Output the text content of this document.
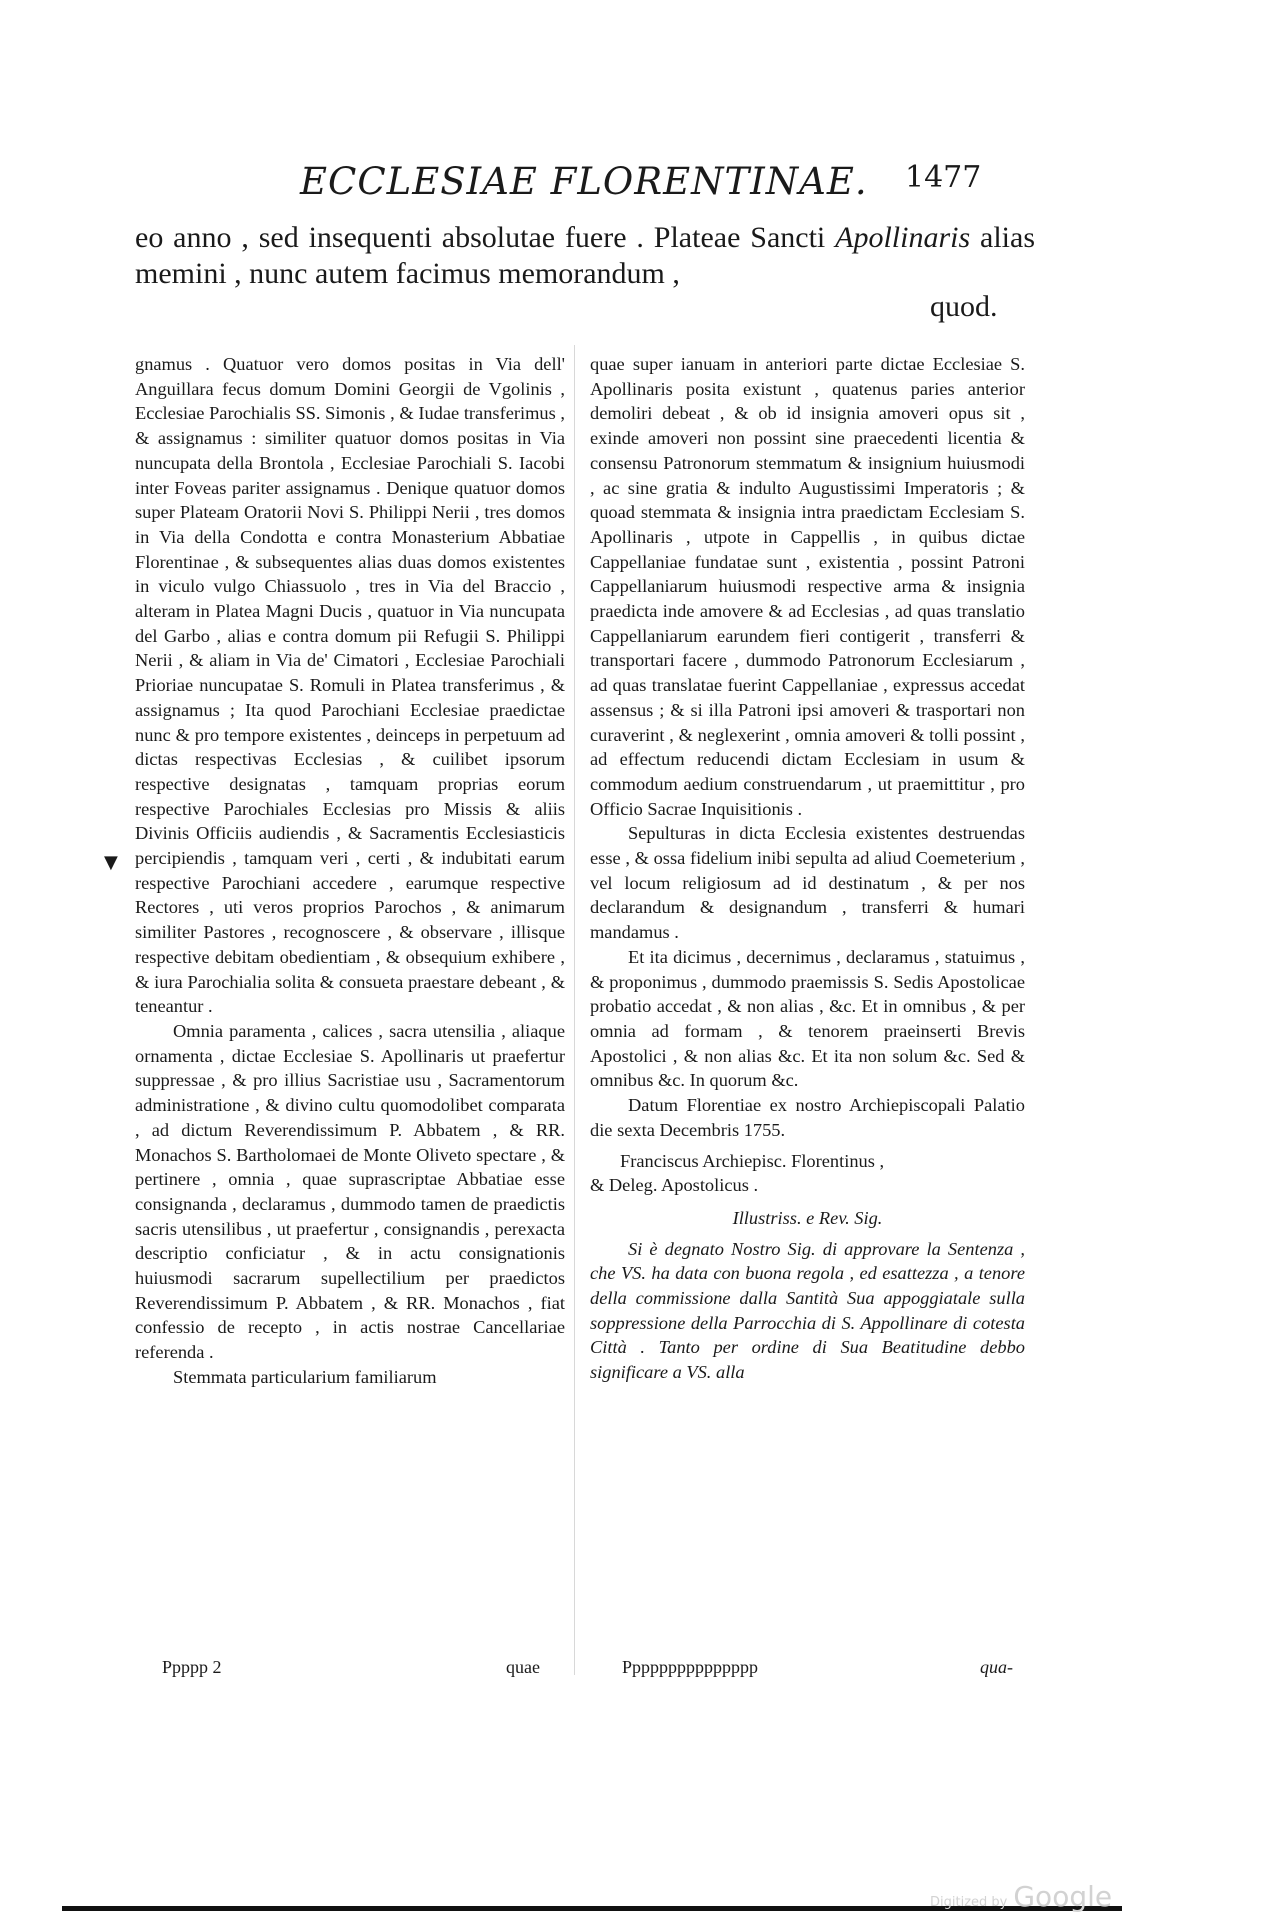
ECCLESIAE FLORENTINAE.	1477
eo anno , sed insequenti absolutae fuere . Plateae Sancti Apollinaris alias memini , nunc autem facimus memorandum ,
quod.
▼

gnamus . Quatuor vero domos positas in Via dell' Anguillara fecus domum Domini Georgii de Vgolinis , Ecclesiae Parochialis SS. Simonis , & Iudae transferimus , & assignamus : similiter quatuor domos positas in Via nuncupata della Brontola , Ecclesiae Parochiali S. Iacobi inter Foveas pariter assignamus . Denique quatuor domos super Plateam Oratorii Novi S. Philippi Nerii , tres domos in Via della Condotta e contra Monasterium Abbatiae Florentinae , & subsequentes alias duas domos existentes in viculo vulgo Chiassuolo , tres in Via del Braccio , alteram in Platea Magni Ducis , quatuor in Via nuncupata del Garbo , alias e contra domum pii Refugii S. Philippi Nerii , & aliam in Via de' Cimatori , Ecclesiae Parochiali Prioriae nuncupatae S. Romuli in Platea transferimus , & assignamus ; Ita quod Parochiani Ecclesiae praedictae nunc & pro tempore existentes , deinceps in perpetuum ad dictas respectivas Ecclesias , & cuilibet ipsorum respective designatas , tamquam proprias eorum respective Parochiales Ecclesias pro Missis & aliis Divinis Officiis audiendis , & Sacramentis Ecclesiasticis percipiendis , tamquam veri , certi , & indubitati earum respective Parochiani accedere , earumque respective Rectores , uti veros proprios Parochos , & animarum similiter Pastores , recognoscere , & observare , illisque respective debitam obedientiam , & obsequium exhibere , & iura Parochialia solita & consueta praestare debeant , & teneantur .

Omnia paramenta , calices , sacra utensilia , aliaque ornamenta , dictae Ecclesiae S. Apollinaris ut praefertur suppressae , & pro illius Sacristiae usu , Sacramentorum administratione , & divino cultu quomodolibet comparata , ad dictum Reverendissimum P. Abbatem , & RR. Monachos S. Bartholomaei de Monte Oliveto spectare , & pertinere , omnia , quae suprascriptae Abbatiae esse consignanda , declaramus , dummodo tamen de praedictis sacris utensilibus , ut praefertur , consignandis , perexacta descriptio conficiatur , & in actu consignationis huiusmodi sacrarum supellectilium per praedictos Reverendissimum P. Abbatem , & RR. Monachos , fiat confessio de recepto , in actis nostrae Cancellariae referenda .

Stemmata particularium familiarum

quae super ianuam in anteriori parte dictae Ecclesiae S. Apollinaris posita existunt , quatenus paries anterior demoliri debeat , & ob id insignia amoveri opus sit , exinde amoveri non possint sine praecedenti licentia & consensu Patronorum stemmatum & insignium huiusmodi , ac sine gratia & indulto Augustissimi Imperatoris ; & quoad stemmata & insignia intra praedictam Ecclesiam S. Apollinaris , utpote in Cappellis , in quibus dictae Cappellaniae fundatae sunt , existentia , possint Patroni Cappellaniarum huiusmodi respective arma & insignia praedicta inde amovere & ad Ecclesias , ad quas translatio Cappellaniarum earundem fieri contigerit , transferri & transportari facere , dummodo Patronorum Ecclesiarum , ad quas translatae fuerint Cappellaniae , expressus accedat assensus ; & si illa Patroni ipsi amoveri & trasportari non curaverint , & neglexerint , omnia amoveri & tolli possint , ad effectum reducendi dictam Ecclesiam in usum & commodum aedium construendarum , ut praemittitur , pro Officio Sacrae Inquisitionis .

Sepulturas in dicta Ecclesia existentes destruendas esse , & ossa fidelium inibi sepulta ad aliud Coemeterium , vel locum religiosum ad id destinatum , & per nos declarandum & designandum , transferri & humari mandamus .

Et ita dicimus , decernimus , declaramus , statuimus , & proponimus , dummodo praemissis S. Sedis Apostolicae probatio accedat , & non alias , &c. Et in omnibus , & per omnia ad formam , & tenorem praeinserti Brevis Apostolici , & non alias &c. Et ita non solum &c. Sed & omnibus &c. In quorum &c.

Datum Florentiae ex nostro Archiepiscopali Palatio die sexta Decembris 1755.

Franciscus Archiepisc. Florentinus ,

& Deleg. Apostolicus .

Illustriss. e Rev. Sig.

Si è degnato Nostro Sig. di approvare la Sentenza , che VS. ha data con buona regola , ed esattezza , a tenore della commissione dalla Santità Sua appoggiatale sulla soppressione della Parrocchia di S. Appollinare di cotesta Città . Tanto per ordine di Sua Beatitudine debbo significare a VS. alla

Ppppp 2	quae	Ppppppppppppppp	qua-
Digitized by Google
